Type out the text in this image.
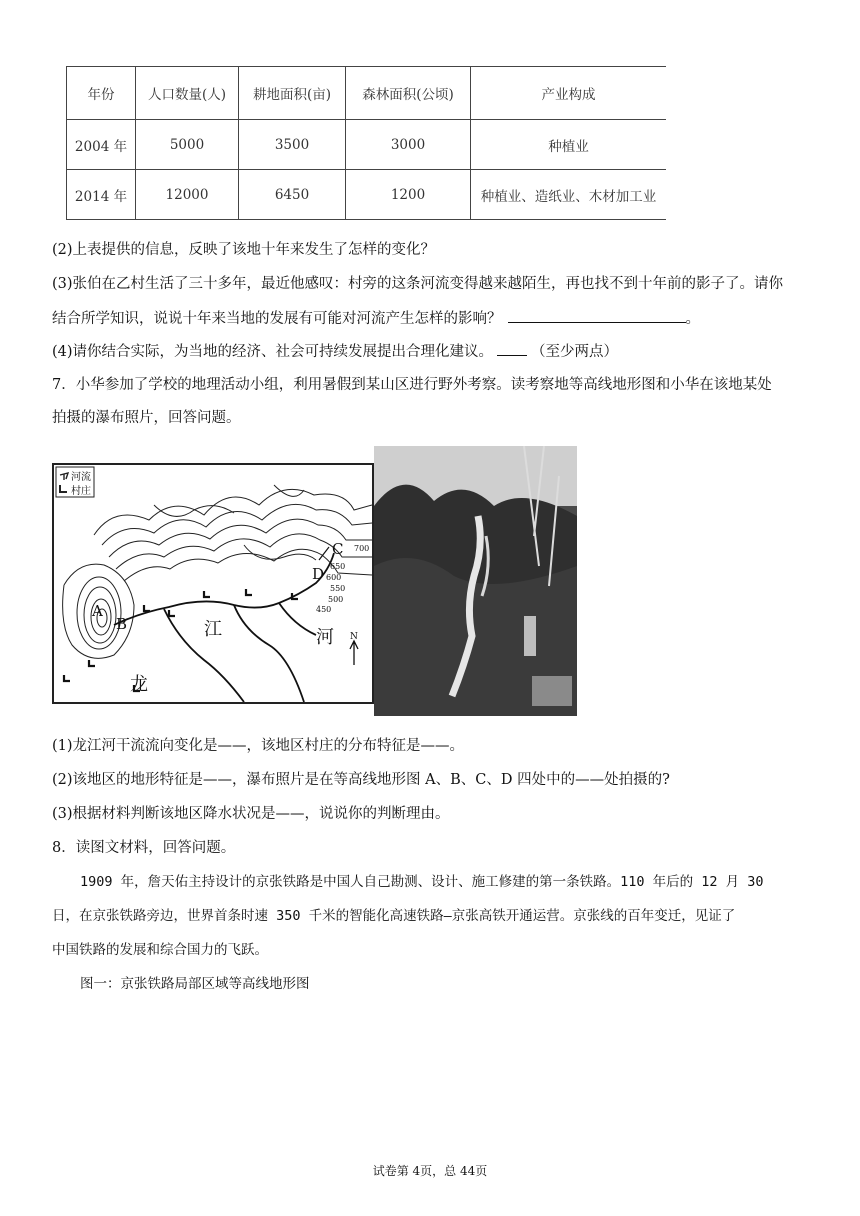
年份	人口数量(人)	耕地面积(亩)	森林面积(公顷)	产业构成
2004 年	5000	3500	3000	种植业
2014 年	12000	6450	1200	种植业、造纸业、木材加工业
(2)上表提供的信息，反映了该地十年来发生了怎样的变化？
(3)张伯在乙村生活了三十多年，最近他感叹：村旁的这条河流变得越来越陌生，再也找不到十年前的影子了。请你
结合所学知识，说说十年来当地的发展有可能对河流产生怎样的影响？	。
(4)请你结合实际，为当地的经济、社会可持续发展提出合理化建议。	（至少两点）
7．小华参加了学校的地理活动小组，利用暑假到某山区进行野外考察。读考察地等高线地形图和小华在该地某处
拍摄的瀑布照片，回答问题。
河流
村庄
A
B
C
D
700
650
600
550
500
450
江	河
龙
N
(1)龙江河干流流向变化是——，该地区村庄的分布特征是——。
(2)该地区的地形特征是——，瀑布照片是在等高线地形图 A、B、C、D 四处中的——处拍摄的?
(3)根据材料判断该地区降水状况是——，说说你的判断理由。
8．读图文材料，回答问题。
1909 年，詹天佑主持设计的京张铁路是中国人自己勘测、设计、施工修建的第一条铁路。110 年后的 12 月 30
日，在京张铁路旁边，世界首条时速 350 千米的智能化高速铁路—京张高铁开通运营。京张线的百年变迁，见证了
中国铁路的发展和综合国力的飞跃。
图一：京张铁路局部区域等高线地形图
试卷第 4页，总 44页
